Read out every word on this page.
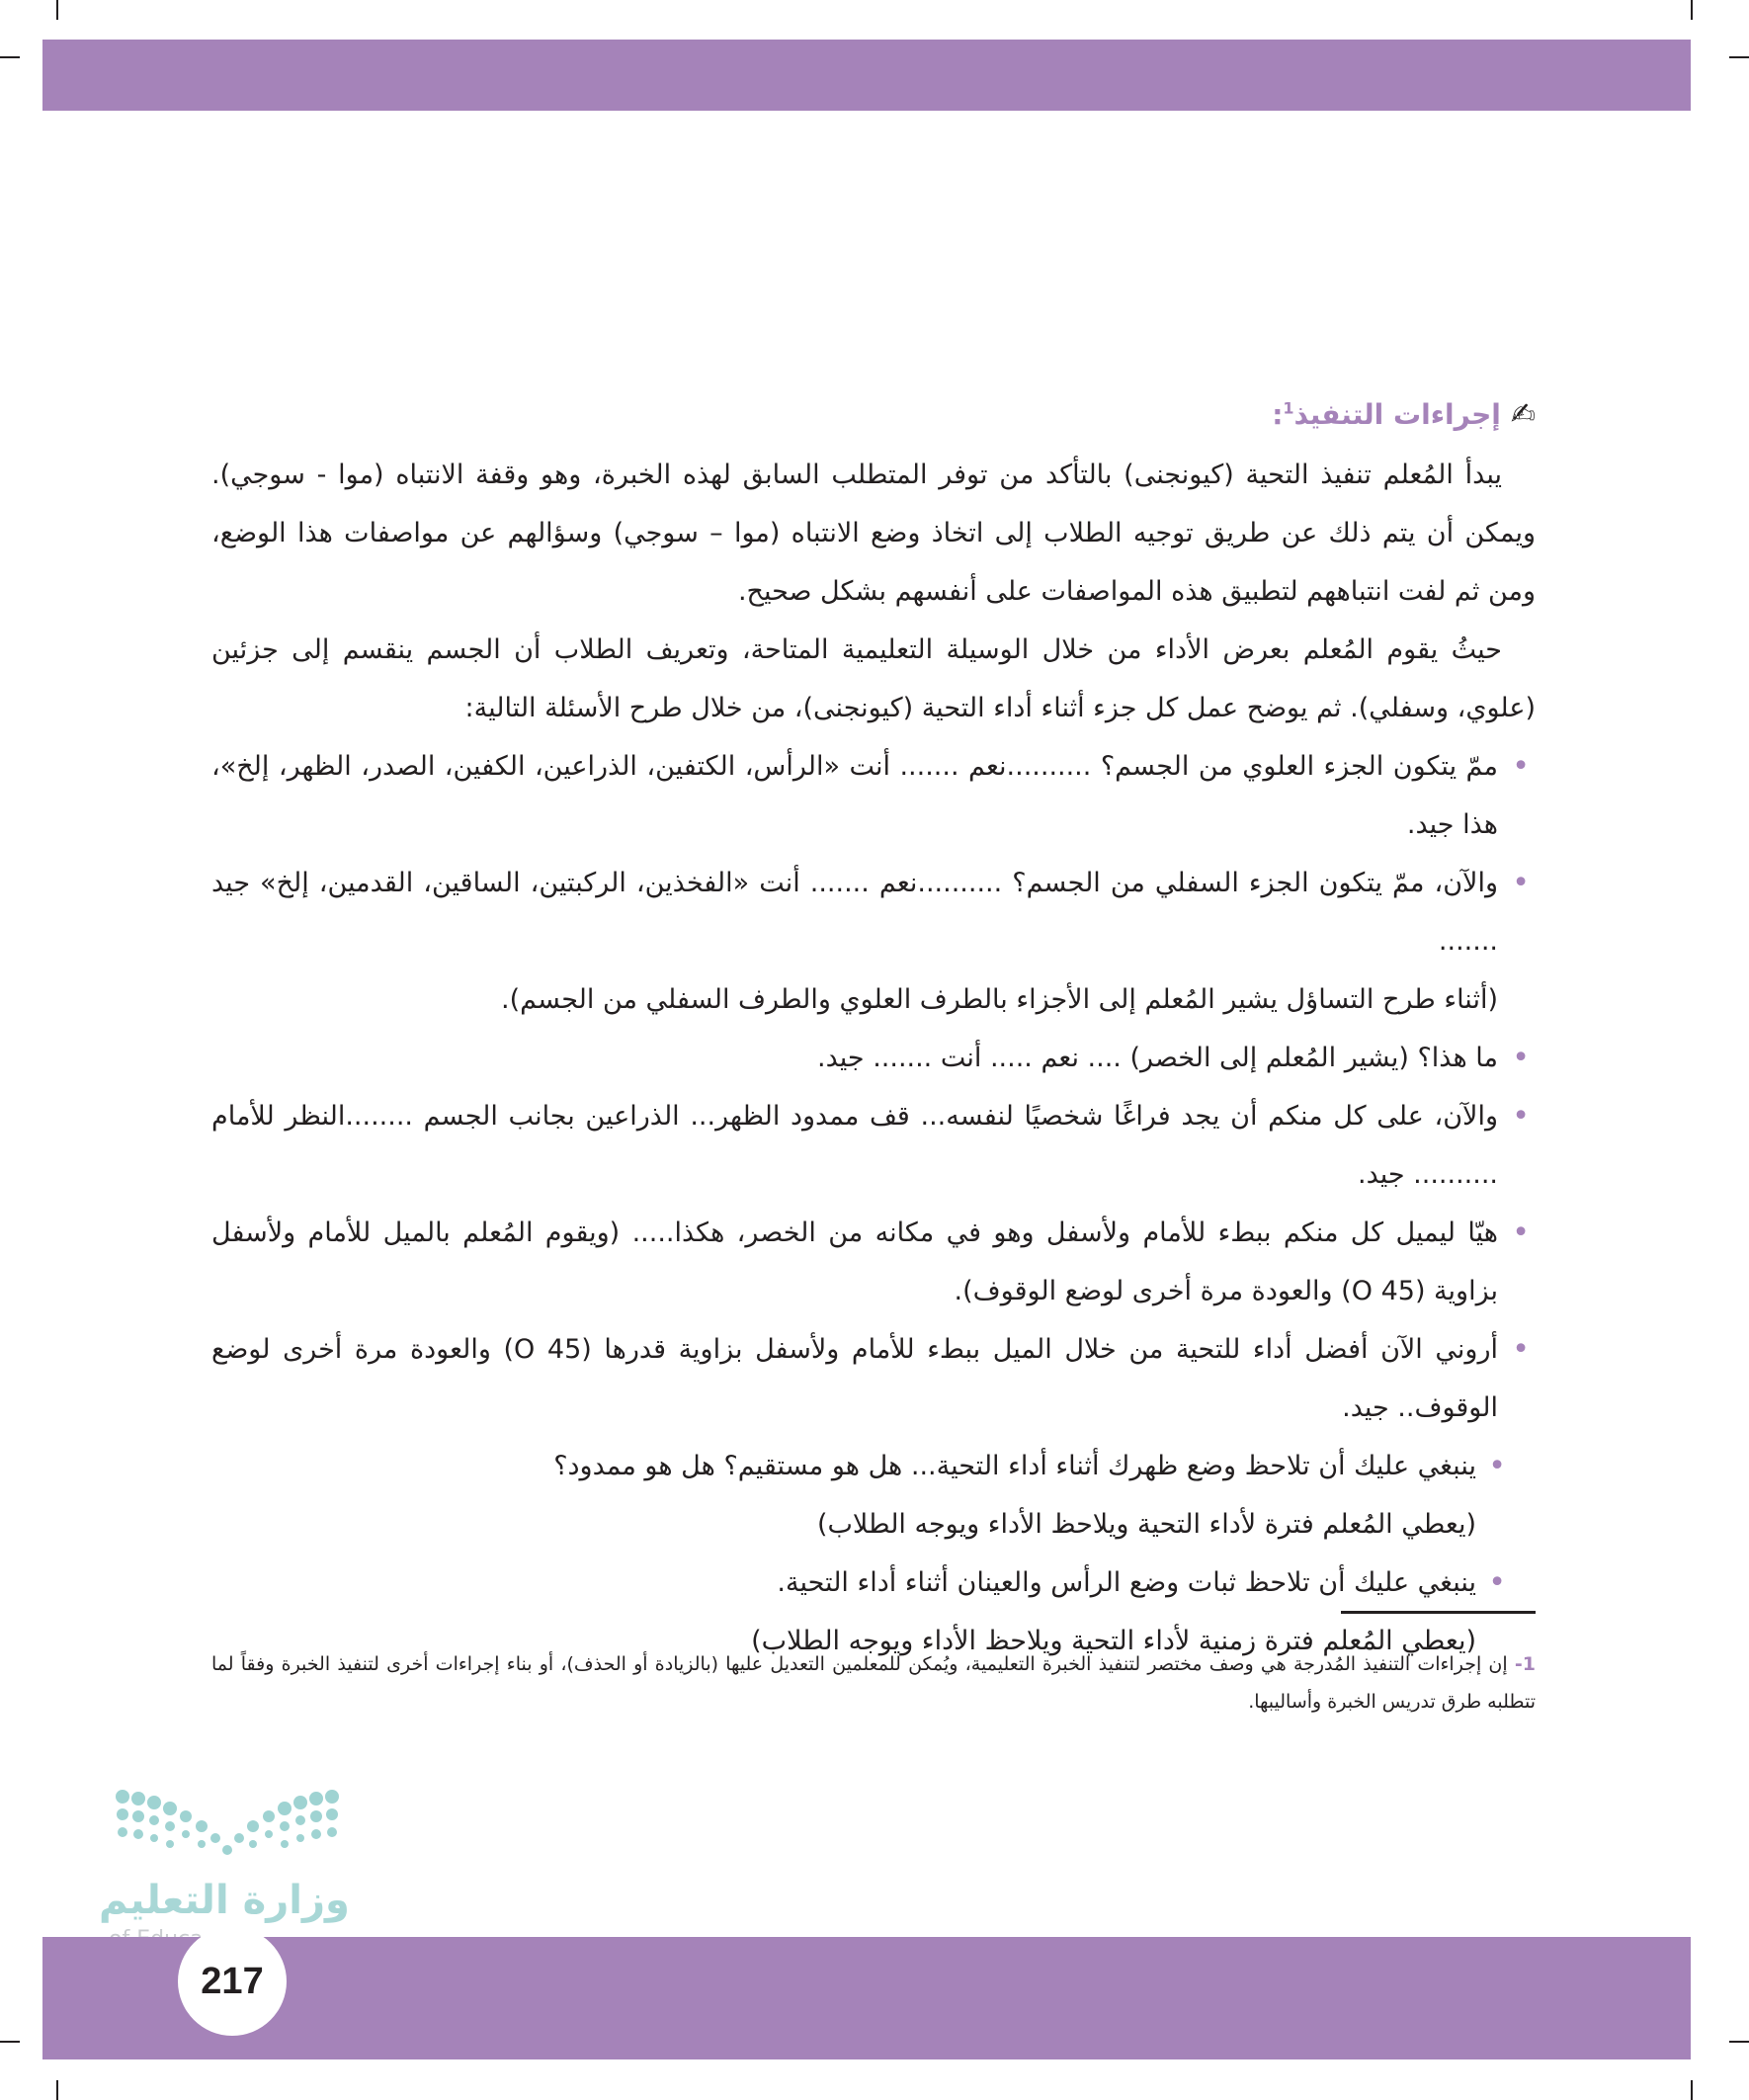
✍
إجراءات التنفيذ$^1$:

يبدأ المُعلم تنفيذ التحية (كيونجنى) بالتأكد من توفر المتطلب السابق لهذه الخبرة، وهو وقفة الانتباه (موا - سوجي). ويمكن أن يتم ذلك عن طريق توجيه الطلاب إلى اتخاذ وضع الانتباه (موا – سوجي) وسؤالهم عن مواصفات هذا الوضع، ومن ثم لفت انتباههم لتطبيق هذه المواصفات على أنفسهم بشكل صحيح.

حيثُ يقوم المُعلم بعرض الأداء من خلال الوسيلة التعليمية المتاحة، وتعريف الطلاب أن الجسم ينقسم إلى جزئين (علوي، وسفلي). ثم يوضح عمل كل جزء أثناء أداء التحية (كيونجنى)، من خلال طرح الأسئلة التالية:

•
ممّ يتكون الجزء العلوي من الجسم؟ ..........نعم ....... أنت «الرأس، الكتفين، الذراعين، الكفين، الصدر، الظهر، إلخ»، هذا جيد.
•
والآن، ممّ يتكون الجزء السفلي من الجسم؟ ..........نعم ....... أنت «الفخذين، الركبتين، الساقين، القدمين، إلخ» جيد .......
(أثناء طرح التساؤل يشير المُعلم إلى الأجزاء بالطرف العلوي والطرف السفلي من الجسم).
•
ما هذا؟ (يشير المُعلم إلى الخصر) .... نعم ..... أنت ....... جيد.
•
والآن، على كل منكم أن يجد فراغًا شخصيًا لنفسه... قف ممدود الظهر... الذراعين بجانب الجسم ........النظر للأمام .......... جيد.
•
هيّا ليميل كل منكم ببطء للأمام ولأسفل وهو في مكانه من الخصر، هكذا..... (ويقوم المُعلم بالميل للأمام ولأسفل بزاوية (45 O) والعودة مرة أخرى لوضع الوقوف).
•
أروني الآن أفضل أداء للتحية من خلال الميل ببطء للأمام ولأسفل بزاوية قدرها (45 O) والعودة مرة أخرى لوضع الوقوف.. جيد.
•
ينبغي عليك أن تلاحظ وضع ظهرك أثناء أداء التحية... هل هو مستقيم؟ هل هو ممدود؟
(يعطي المُعلم فترة لأداء التحية ويلاحظ الأداء ويوجه الطلاب)
•
ينبغي عليك أن تلاحظ ثبات وضع الرأس والعينان أثناء أداء التحية.
(يعطي المُعلم فترة زمنية لأداء التحية ويلاحظ الأداء ويوجه الطلاب)
1- إن إجراءات التنفيذ المُدرجة هي وصف مختصر لتنفيذ الخبرة التعليمية، ويُمكن للمعلمين التعديل عليها (بالزيادة أو الحذف)، أو بناء إجراءات أخرى لتنفيذ الخبرة وفقاً لما تتطلبه طرق تدريس الخبرة وأساليبها.
وزارة التعليم
217
